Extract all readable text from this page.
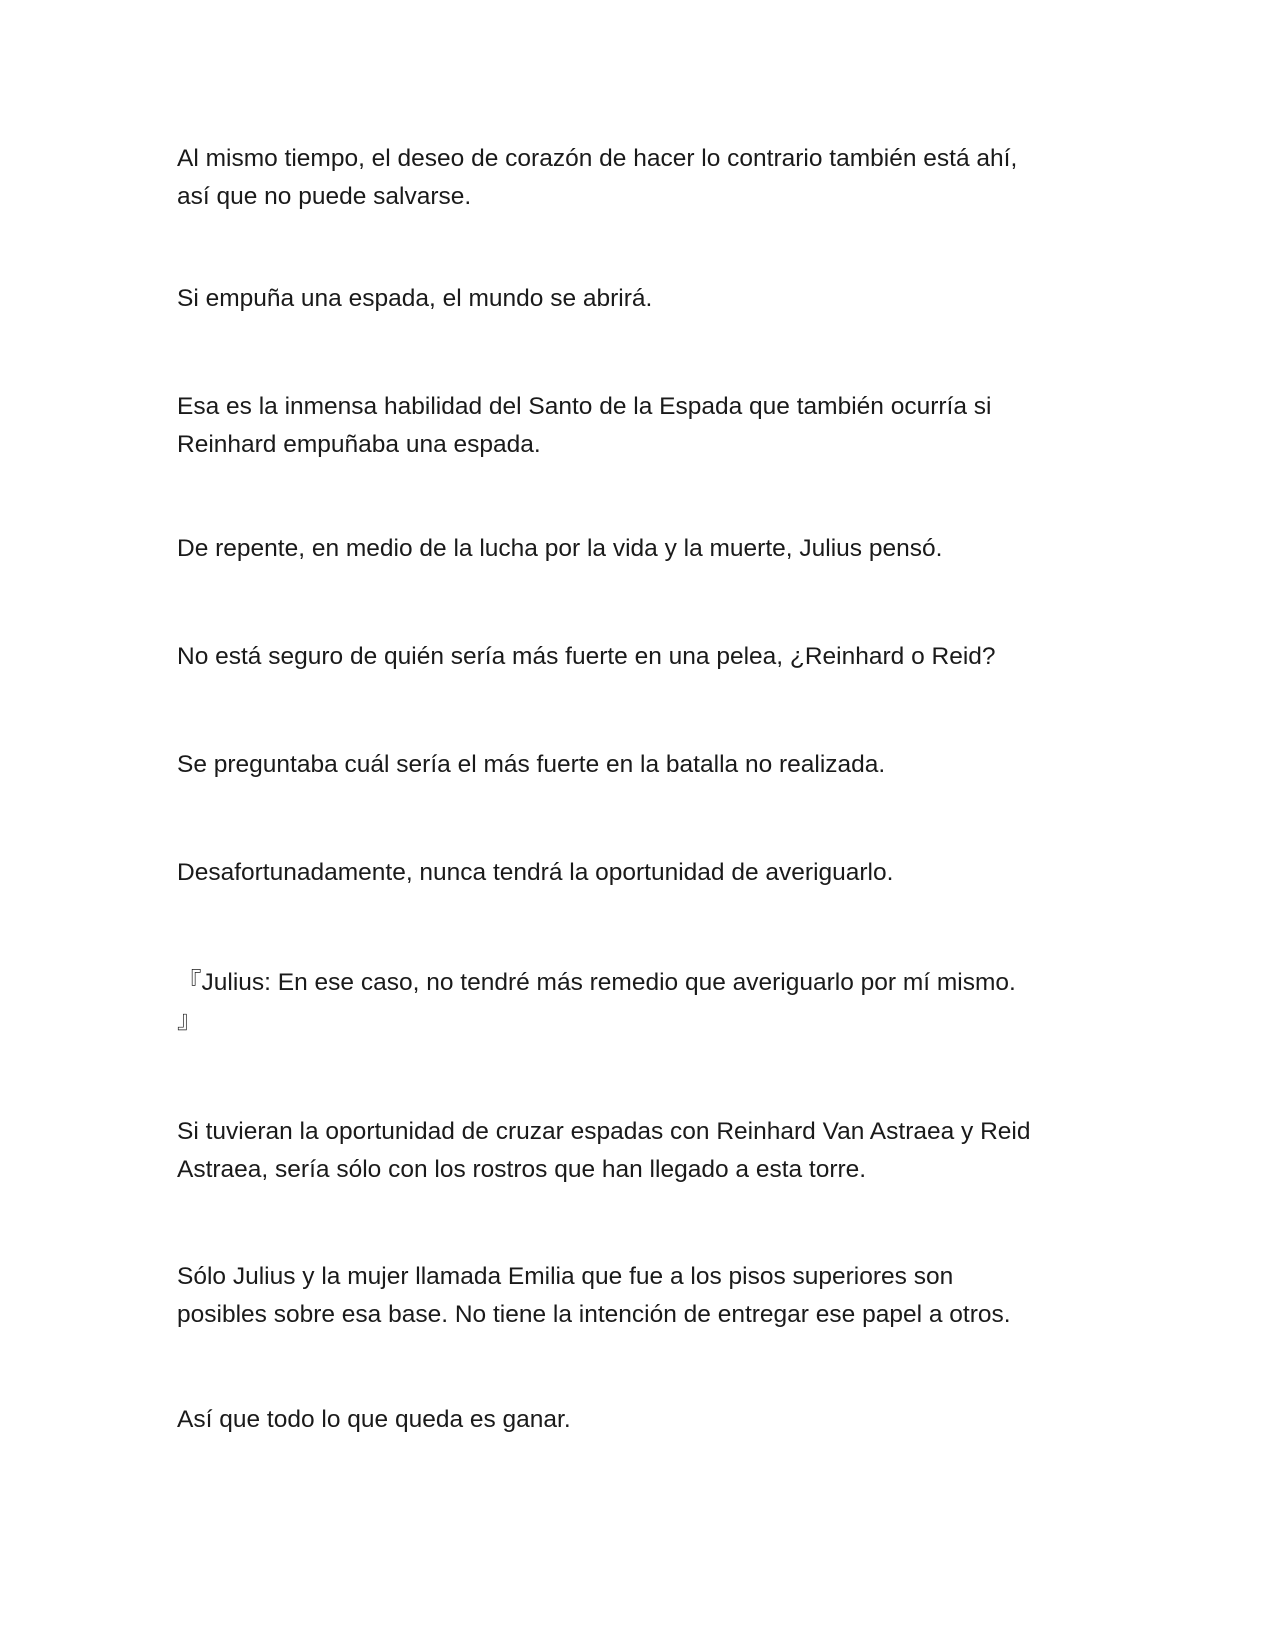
Al mismo tiempo, el deseo de corazón de hacer lo contrario también está ahí,
así que no puede salvarse.

Si empuña una espada, el mundo se abrirá.

Esa es la inmensa habilidad del Santo de la Espada que también ocurría si
Reinhard empuñaba una espada.

De repente, en medio de la lucha por la vida y la muerte, Julius pensó.

No está seguro de quién sería más fuerte en una pelea, ¿Reinhard o Reid?

Se preguntaba cuál sería el más fuerte en la batalla no realizada.

Desafortunadamente, nunca tendrá la oportunidad de averiguarlo.

『Julius: En ese caso, no tendré más remedio que averiguarlo por mí mismo.
』

Si tuvieran la oportunidad de cruzar espadas con Reinhard Van Astraea y Reid
Astraea, sería sólo con los rostros que han llegado a esta torre.

Sólo Julius y la mujer llamada Emilia que fue a los pisos superiores son
posibles sobre esa base. No tiene la intención de entregar ese papel a otros.

Así que todo lo que queda es ganar.
